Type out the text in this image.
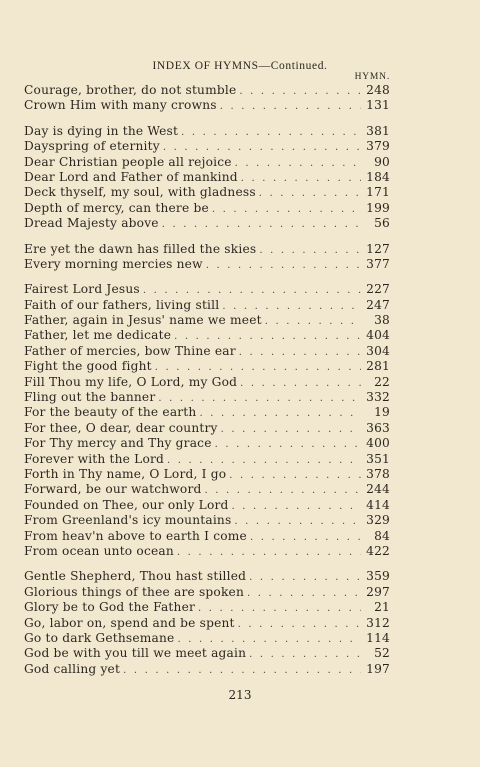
INDEX OF HYMNS—Continued.
HYMN.
Courage, brother, do not stumble . . .	248
Crown Him with many crowns . . .	131
Day is dying in the West . . .	381
Dayspring of eternity . . .	379
Dear Christian people all rejoice . . .	90
Dear Lord and Father of mankind . . .	184
Deck thyself, my soul, with gladness . . .	171
Depth of mercy, can there be . . .	199
Dread Majesty above . . .	56
Ere yet the dawn has filled the skies . . .	127
Every morning mercies new . . .	377
Fairest Lord Jesus . . .	227
Faith of our fathers, living still . . .	247
Father, again in Jesus' name we meet . . .	38
Father, let me dedicate . . .	404
Father of mercies, bow Thine ear . . .	304
Fight the good fight . . .	281
Fill Thou my life, O Lord, my God . . .	22
Fling out the banner . . .	332
For the beauty of the earth . . .	19
For thee, O dear, dear country . . .	363
For Thy mercy and Thy grace . . .	400
Forever with the Lord . . .	351
Forth in Thy name, O Lord, I go . . .	378
Forward, be our watchword . . .	244
Founded on Thee, our only Lord . . .	414
From Greenland's icy mountains . . .	329
From heav'n above to earth I come . . .	84
From ocean unto ocean . . .	422
Gentle Shepherd, Thou hast stilled . . .	359
Glorious things of thee are spoken . . .	297
Glory be to God the Father . . .	21
Go, labor on, spend and be spent . . .	312
Go to dark Gethsemane . . .	114
God be with you till we meet again . . .	52
God calling yet . . .	197
213
